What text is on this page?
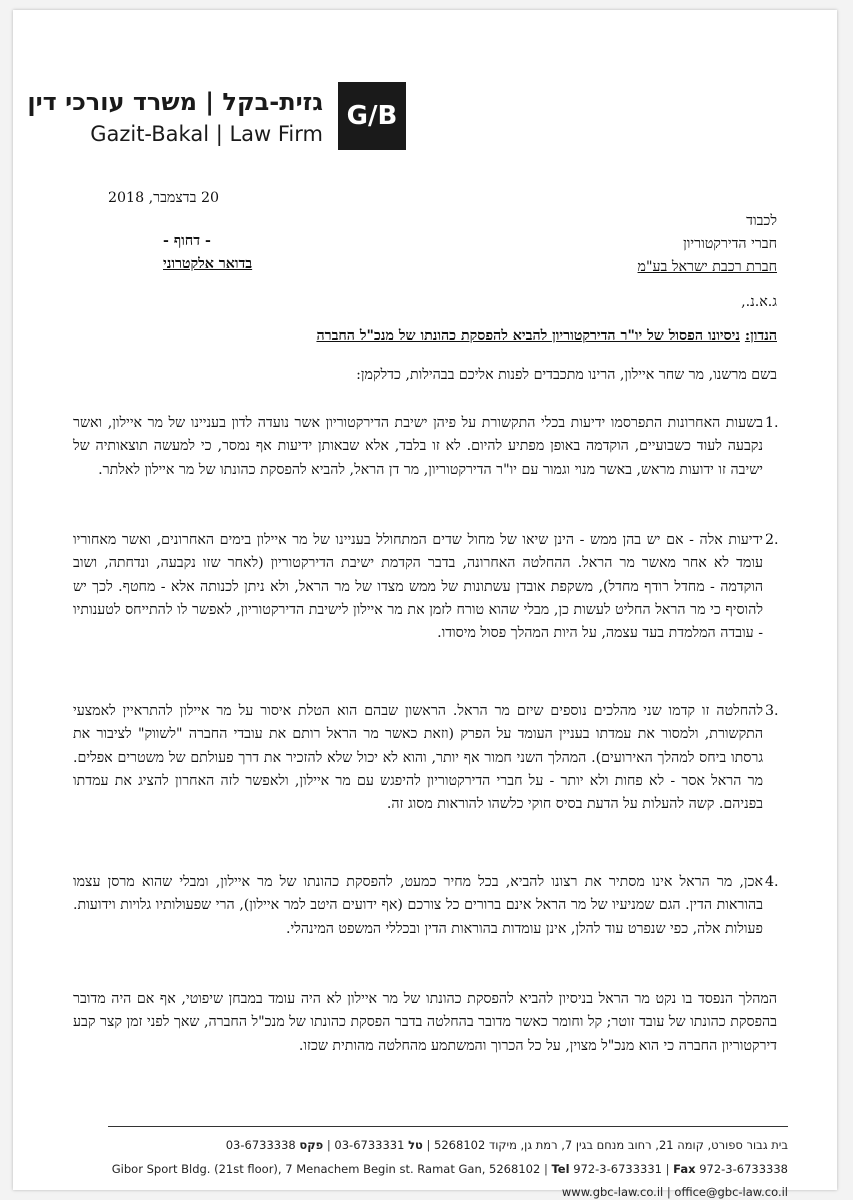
G/B
גזית-בקל | משרד עורכי דין
Gazit-Bakal | Law Firm
20 בדצמבר, 2018
לכבוד
חברי הדירקטוריון
חברת רכבת ישראל בע"מ
- דחוף -
בדואר אלקטרוני
ג.א.נ.,
הנדון: ניסיונו הפסול של יו"ר הדירקטוריון להביא להפסקת כהונתו של מנכ"ל החברה
בשם מרשנו, מר שחר איילון, הרינו מתכבדים לפנות אליכם בבהילות, כדלקמן:
1.
בשעות האחרונות התפרסמו ידיעות בכלי התקשורת על פיהן ישיבת הדירקטוריון אשר נועדה לדון בעניינו של מר איילון, ואשר נקבעה לעוד כשבועיים, הוקדמה באופן מפתיע להיום. לא זו בלבד, אלא שבאותן ידיעות אף נמסר, כי למעשה תוצאותיה של ישיבה זו ידועות מראש, באשר מנוי וגמור עם יו"ר הדירקטוריון, מר דן הראל, להביא להפסקת כהונתו של מר איילון לאלתר.
2.
ידיעות אלה - אם יש בהן ממש - הינן שיאו של מחול שדים המתחולל בעניינו של מר איילון בימים האחרונים, ואשר מאחוריו עומד לא אחר מאשר מר הראל. ההחלטה האחרונה, בדבר הקדמת ישיבת הדירקטוריון (לאחר שזו נקבעה, ונדחתה, ושוב הוקדמה - מחדל רודף מחדל), משקפת אובדן עשתונות של ממש מצדו של מר הראל, ולא ניתן לכנותה אלא - מחטף. לכך יש להוסיף כי מר הראל החליט לעשות כן, מבלי שהוא טורח לזמן את מר איילון לישיבת הדירקטוריון, לאפשר לו להתייחס לטענותיו - עובדה המלמדת בעד עצמה, על היות המהלך פסול מיסודו.
3.
להחלטה זו קדמו שני מהלכים נוספים שיזם מר הראל. הראשון שבהם הוא הטלת איסור על מר איילון להתראיין לאמצעי התקשורת, ולמסור את עמדתו בעניין העומד על הפרק (וזאת כאשר מר הראל רותם את עובדי החברה "לשווק" לציבור את גרסתו ביחס למהלך האירועים). המהלך השני חמור אף יותר, והוא לא יכול שלא להזכיר את דרך פעולתם של משטרים אפלים. מר הראל אסר - לא פחות ולא יותר - על חברי הדירקטוריון להיפגש עם מר איילון, ולאפשר לזה האחרון להציג את עמדתו בפניהם. קשה להעלות על הדעת בסיס חוקי כלשהו להוראות מסוג זה.
4.
אכן, מר הראל אינו מסתיר את רצונו להביא, בכל מחיר כמעט, להפסקת כהונתו של מר איילון, ומבלי שהוא מרסן עצמו בהוראות הדין. הגם שמניעיו של מר הראל אינם ברורים כל צורכם (אף ידועים היטב למר איילון), הרי שפעולותיו גלויות וידועות. פעולות אלה, כפי שנפרט עוד להלן, אינן עומדות בהוראות הדין ובכללי המשפט המינהלי.
המהלך הנפסד בו נקט מר הראל בניסיון להביא להפסקת כהונתו של מר איילון לא היה עומד במבחן שיפוטי, אף אם היה מדובר בהפסקת כהונתו של עובד זוטר; קל וחומר כאשר מדובר בהחלטה בדבר הפסקת כהונתו של מנכ"ל החברה, שאך לפני זמן קצר קבע דירקטוריון החברה כי הוא מנכ"ל מצוין, על כל הכרוך והמשתמע מהחלטה מהותית שכזו.
בית גבור ספורט, קומה 21, רחוב מנחם בגין 7, רמת גן, מיקוד 5268102 | טל 03-6733331 | פקס 03-6733338
Gibor Sport Bldg. (21st floor), 7 Menachem Begin st. Ramat Gan, 5268102 | Tel 972-3-6733331 | Fax 972-3-6733338
www.gbc-law.co.il | office@gbc-law.co.il
